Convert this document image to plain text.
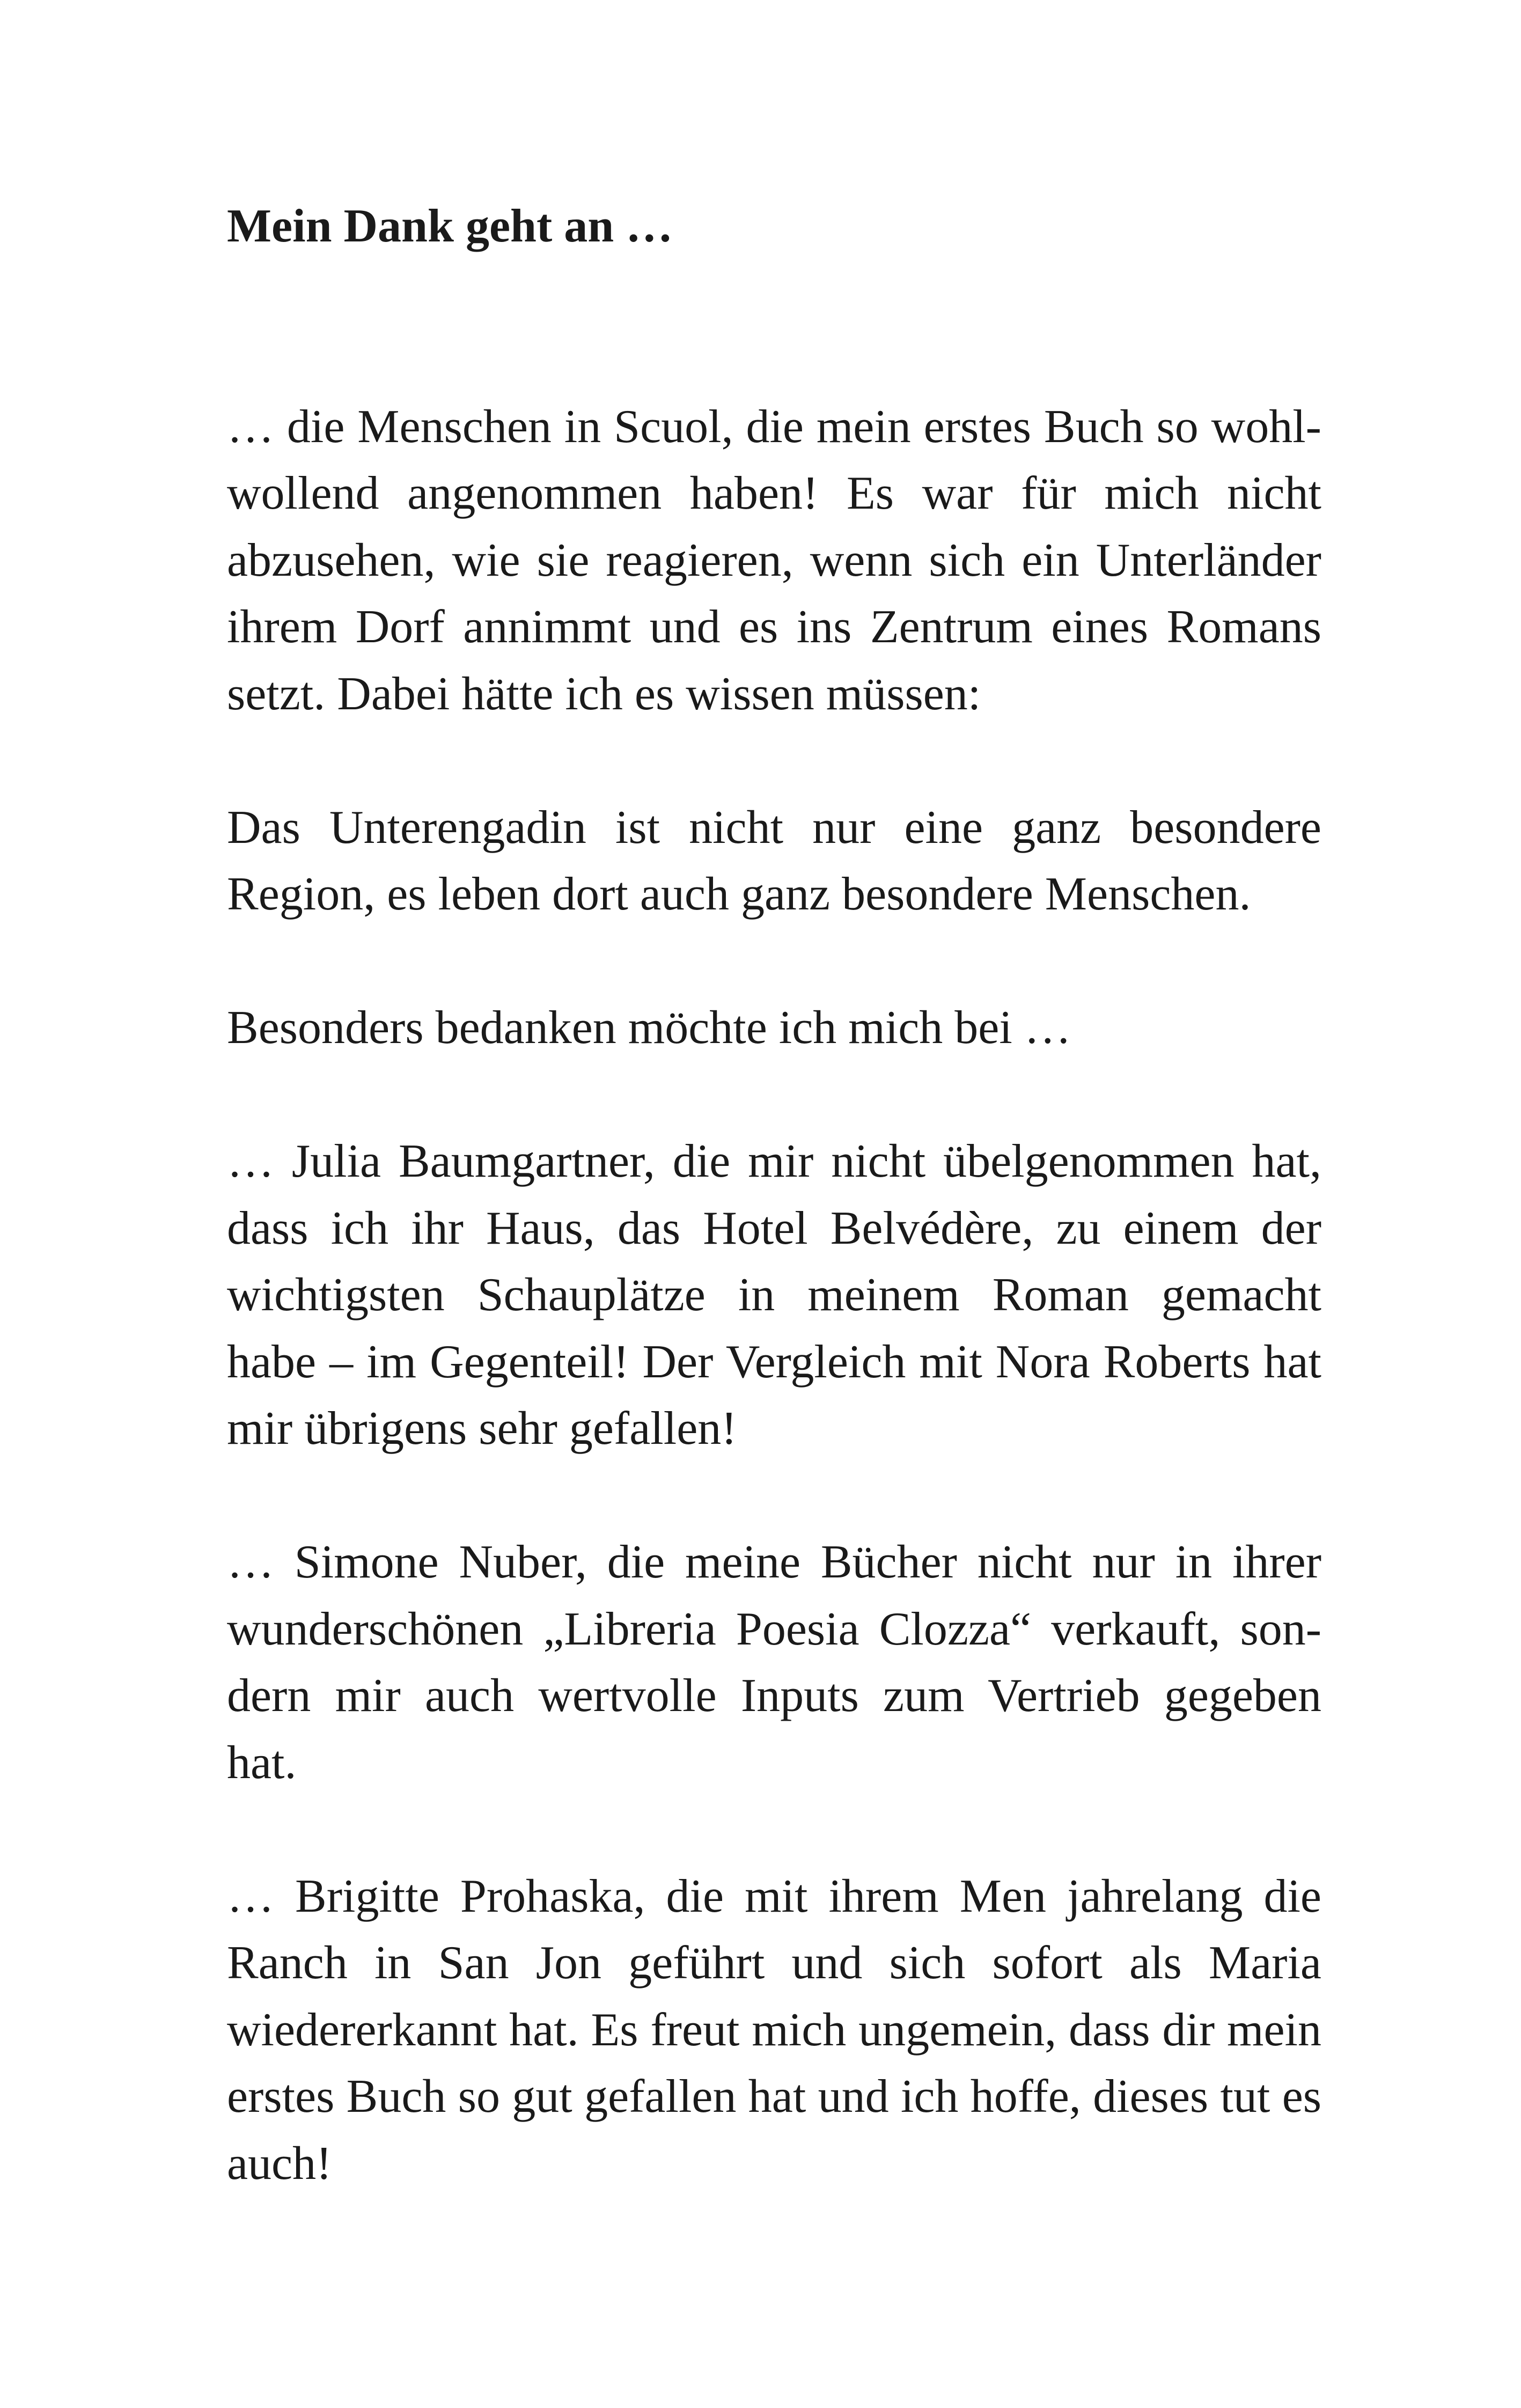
Mein Dank geht an …
… die Menschen in Scuol, die mein erstes Buch so wohl-
wollend angenommen haben! Es war für mich nicht
abzusehen, wie sie reagieren, wenn sich ein Unterländer
ihrem Dorf annimmt und es ins Zentrum eines Romans
setzt. Dabei hätte ich es wissen müssen:
Das Unterengadin ist nicht nur eine ganz besondere
Region, es leben dort auch ganz besondere Menschen.
Besonders bedanken möchte ich mich bei …
… Julia Baumgartner, die mir nicht übelgenommen hat,
dass ich ihr Haus, das Hotel Belvédère, zu einem der
wichtigsten Schauplätze in meinem Roman gemacht
habe – im Gegenteil! Der Vergleich mit Nora Roberts hat
mir übrigens sehr gefallen!
… Simone Nuber, die meine Bücher nicht nur in ihrer
wunderschönen „Libreria Poesia Clozza“ verkauft, son-
dern mir auch wertvolle Inputs zum Vertrieb gegeben
hat.
… Brigitte Prohaska, die mit ihrem Men jahrelang die
Ranch in San Jon geführt und sich sofort als Maria
wiedererkannt hat. Es freut mich ungemein, dass dir mein
erstes Buch so gut gefallen hat und ich hoffe, dieses tut es
auch!
